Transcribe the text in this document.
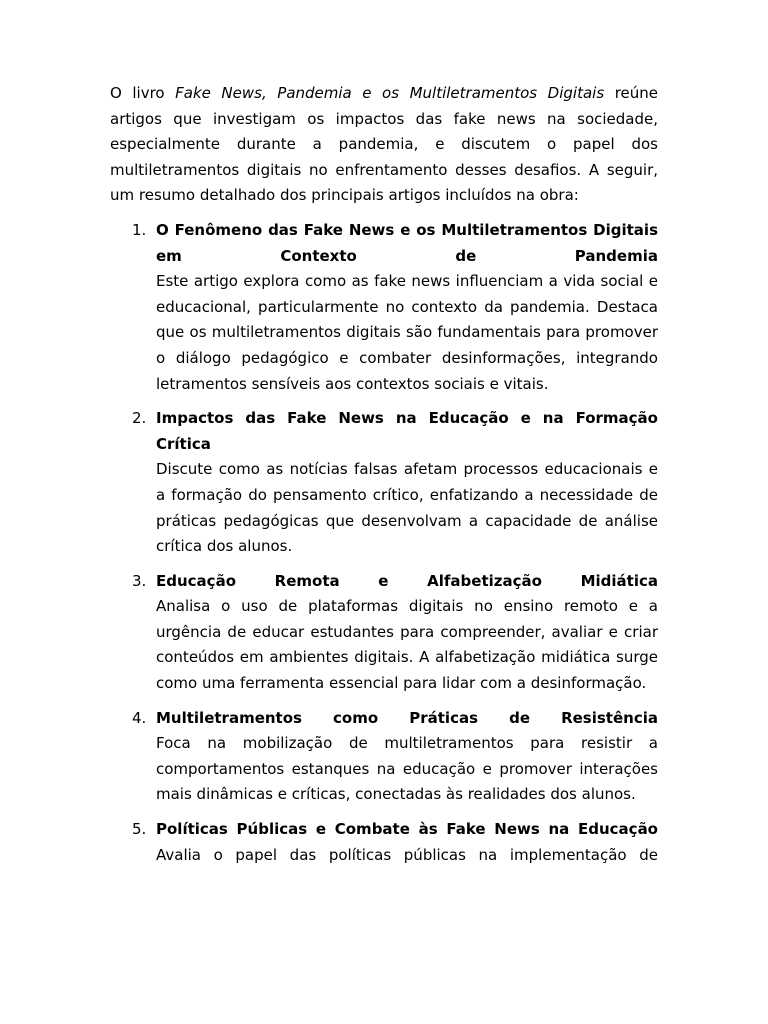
O livro Fake News, Pandemia e os Multiletramentos Digitais reúne artigos que investigam os impactos das fake news na sociedade, especialmente durante a pandemia, e discutem o papel dos multiletramentos digitais no enfrentamento desses desafios. A seguir, um resumo detalhado dos principais artigos incluídos na obra:

1. O Fenômeno das Fake News e os Multiletramentos Digitais em Contexto de Pandemia
Este artigo explora como as fake news influenciam a vida social e educacional, particularmente no contexto da pandemia. Destaca que os multiletramentos digitais são fundamentais para promover o diálogo pedagógico e combater desinformações, integrando letramentos sensíveis aos contextos sociais e vitais.
2. Impactos das Fake News na Educação e na Formação Crítica
Discute como as notícias falsas afetam processos educacionais e a formação do pensamento crítico, enfatizando a necessidade de práticas pedagógicas que desenvolvam a capacidade de análise crítica dos alunos.
3. Educação Remota e Alfabetização Midiática
Analisa o uso de plataformas digitais no ensino remoto e a urgência de educar estudantes para compreender, avaliar e criar conteúdos em ambientes digitais. A alfabetização midiática surge como uma ferramenta essencial para lidar com a desinformação.
4. Multiletramentos como Práticas de Resistência
Foca na mobilização de multiletramentos para resistir a comportamentos estanques na educação e promover interações mais dinâmicas e críticas, conectadas às realidades dos alunos.
5. Políticas Públicas e Combate às Fake News na Educação
Avalia o papel das políticas públicas na implementação de
